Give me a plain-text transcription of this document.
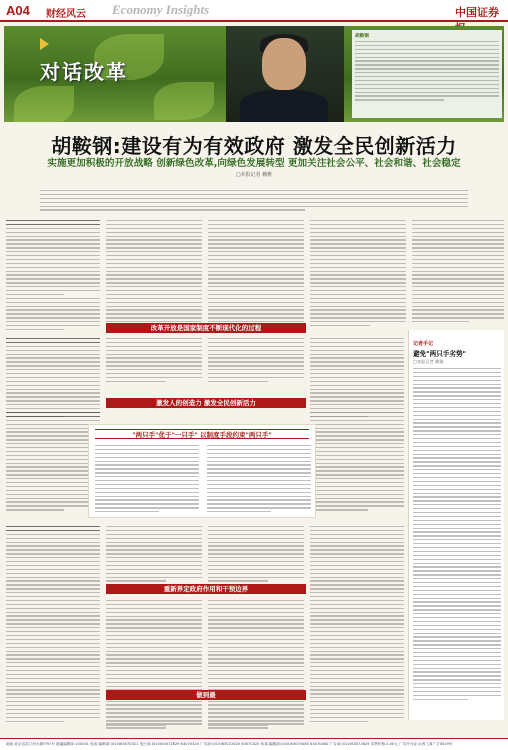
A04 财经风云 Economy Insights	中国证券
对话改革
胡鞍钢
胡鞍钢:建设有为有效政府 激发全民创新活力
实施更加积极的开放战略 创新绿色改革,向绿色发展转型 更加关注社会公平、社会和谐、社会稳定
□本报记者 赖雅
改革开放是国家制度不断现代化的过程
记者手记
避免"两只手劣势"
□本报记者 赖雅
激发人的创造力 激发全民创新活力
"两只手"优于"一只手" 以制度手段约束"两只手"
重新界定政府作用和干预边界
做到最
地址:北京宣武门西大街甲97号 邮编编辑部:100031 电话:编辑部:(010)63070321 发行部:(010)63072629 63070324 广告部:(010)63072620 63070325 传真:编辑部:(010)63070483 63070480 广告部:(010)63072629 零售价格:2.00元 广告许可证:京西工商广字0019号
